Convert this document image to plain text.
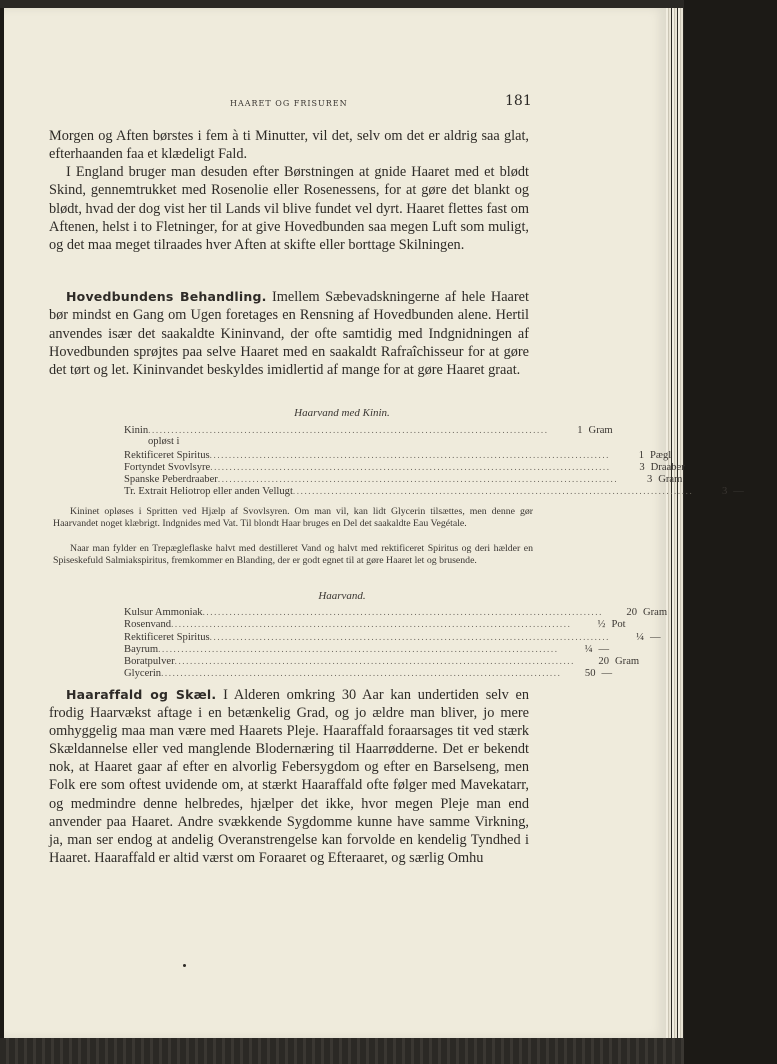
HAARET OG FRISUREN	181

Morgen og Aften børstes i fem à ti Minutter, vil det, selv om det er aldrig saa glat, efterhaanden faa et klædeligt Fald.

I England bruger man desuden efter Børstningen at gnide Haaret med et blødt Skind, gennemtrukket med Rosenolie eller Rosenessens, for at gøre det blankt og blødt, hvad der dog vist her til Lands vil blive fundet vel dyrt. Haaret flettes fast om Aftenen, helst i to Fletninger, for at give Hovedbunden saa megen Luft som muligt, og det maa meget tilraades hver Aften at skifte eller borttage Skilningen.

Hovedbundens Behandling. Imellem Sæbevadskningerne af hele Haaret bør mindst en Gang om Ugen foretages en Rensning af Hovedbunden alene. Hertil anvendes især det saakaldte Kininvand, der ofte samtidig med Indgnidningen af Hovedbunden sprøjtes paa selve Haaret med en saakaldt Rafraîchisseur for at gøre det tørt og let. Kininvandet beskyldes imidlertid af mange for at gøre Haaret graat.

Haarvand med Kinin.
Kinin ........................................................................................................	1 Gram
opløst i
Rektificeret Spiritus ........................................................................................................	1 Pægl
Fortyndet Svovlsyre ........................................................................................................	3 Draaber
Spanske Peberdraaber ........................................................................................................	3 Gram
Tr. Extrait Heliotrop eller anden Vellugt ........................................................................................................	3 —

Kininet opløses i Spritten ved Hjælp af Svovlsyren. Om man vil, kan lidt Glycerin tilsættes, men denne gør Haarvandet noget klæbrigt. Indgnides med Vat. Til blondt Haar bruges en Del det saakaldte Eau Vegétale.

Naar man fylder en Trepægleflaske halvt med destilleret Vand og halvt med rektificeret Spiritus og deri hælder en Spiseskefuld Salmiakspiritus, fremkommer en Blanding, der er godt egnet til at gøre Haaret let og brusende.

Haarvand.
Kulsur Ammoniak ........................................................................................................	20 Gram
Rosenvand ........................................................................................................	½ Pot
Rektificeret Spiritus ........................................................................................................	¼ —
Bayrum ........................................................................................................	¼ —
Boratpulver ........................................................................................................	20 Gram
Glycerin ........................................................................................................	50 —

Haaraffald og Skæl. I Alderen omkring 30 Aar kan undertiden selv en frodig Haarvækst aftage i en betænkelig Grad, og jo ældre man bliver, jo mere omhyggelig maa man være med Haarets Pleje. Haaraffald foraarsages tit ved stærk Skældannelse eller ved manglende Blodernæring til Haarrødderne. Det er bekendt nok, at Haaret gaar af efter en alvorlig Febersygdom og efter en Barselseng, men Folk ere som oftest uvidende om, at stærkt Haaraffald ofte følger med Mavekatarr, og medmindre denne helbredes, hjælper det ikke, hvor megen Pleje man end anvender paa Haaret. Andre svækkende Sygdomme kunne have samme Virkning, ja, man ser endog at andelig Overanstrengelse kan forvolde en kendelig Tyndhed i Haaret. Haaraffald er altid værst om Foraaret og Efteraaret, og særlig Omhu
